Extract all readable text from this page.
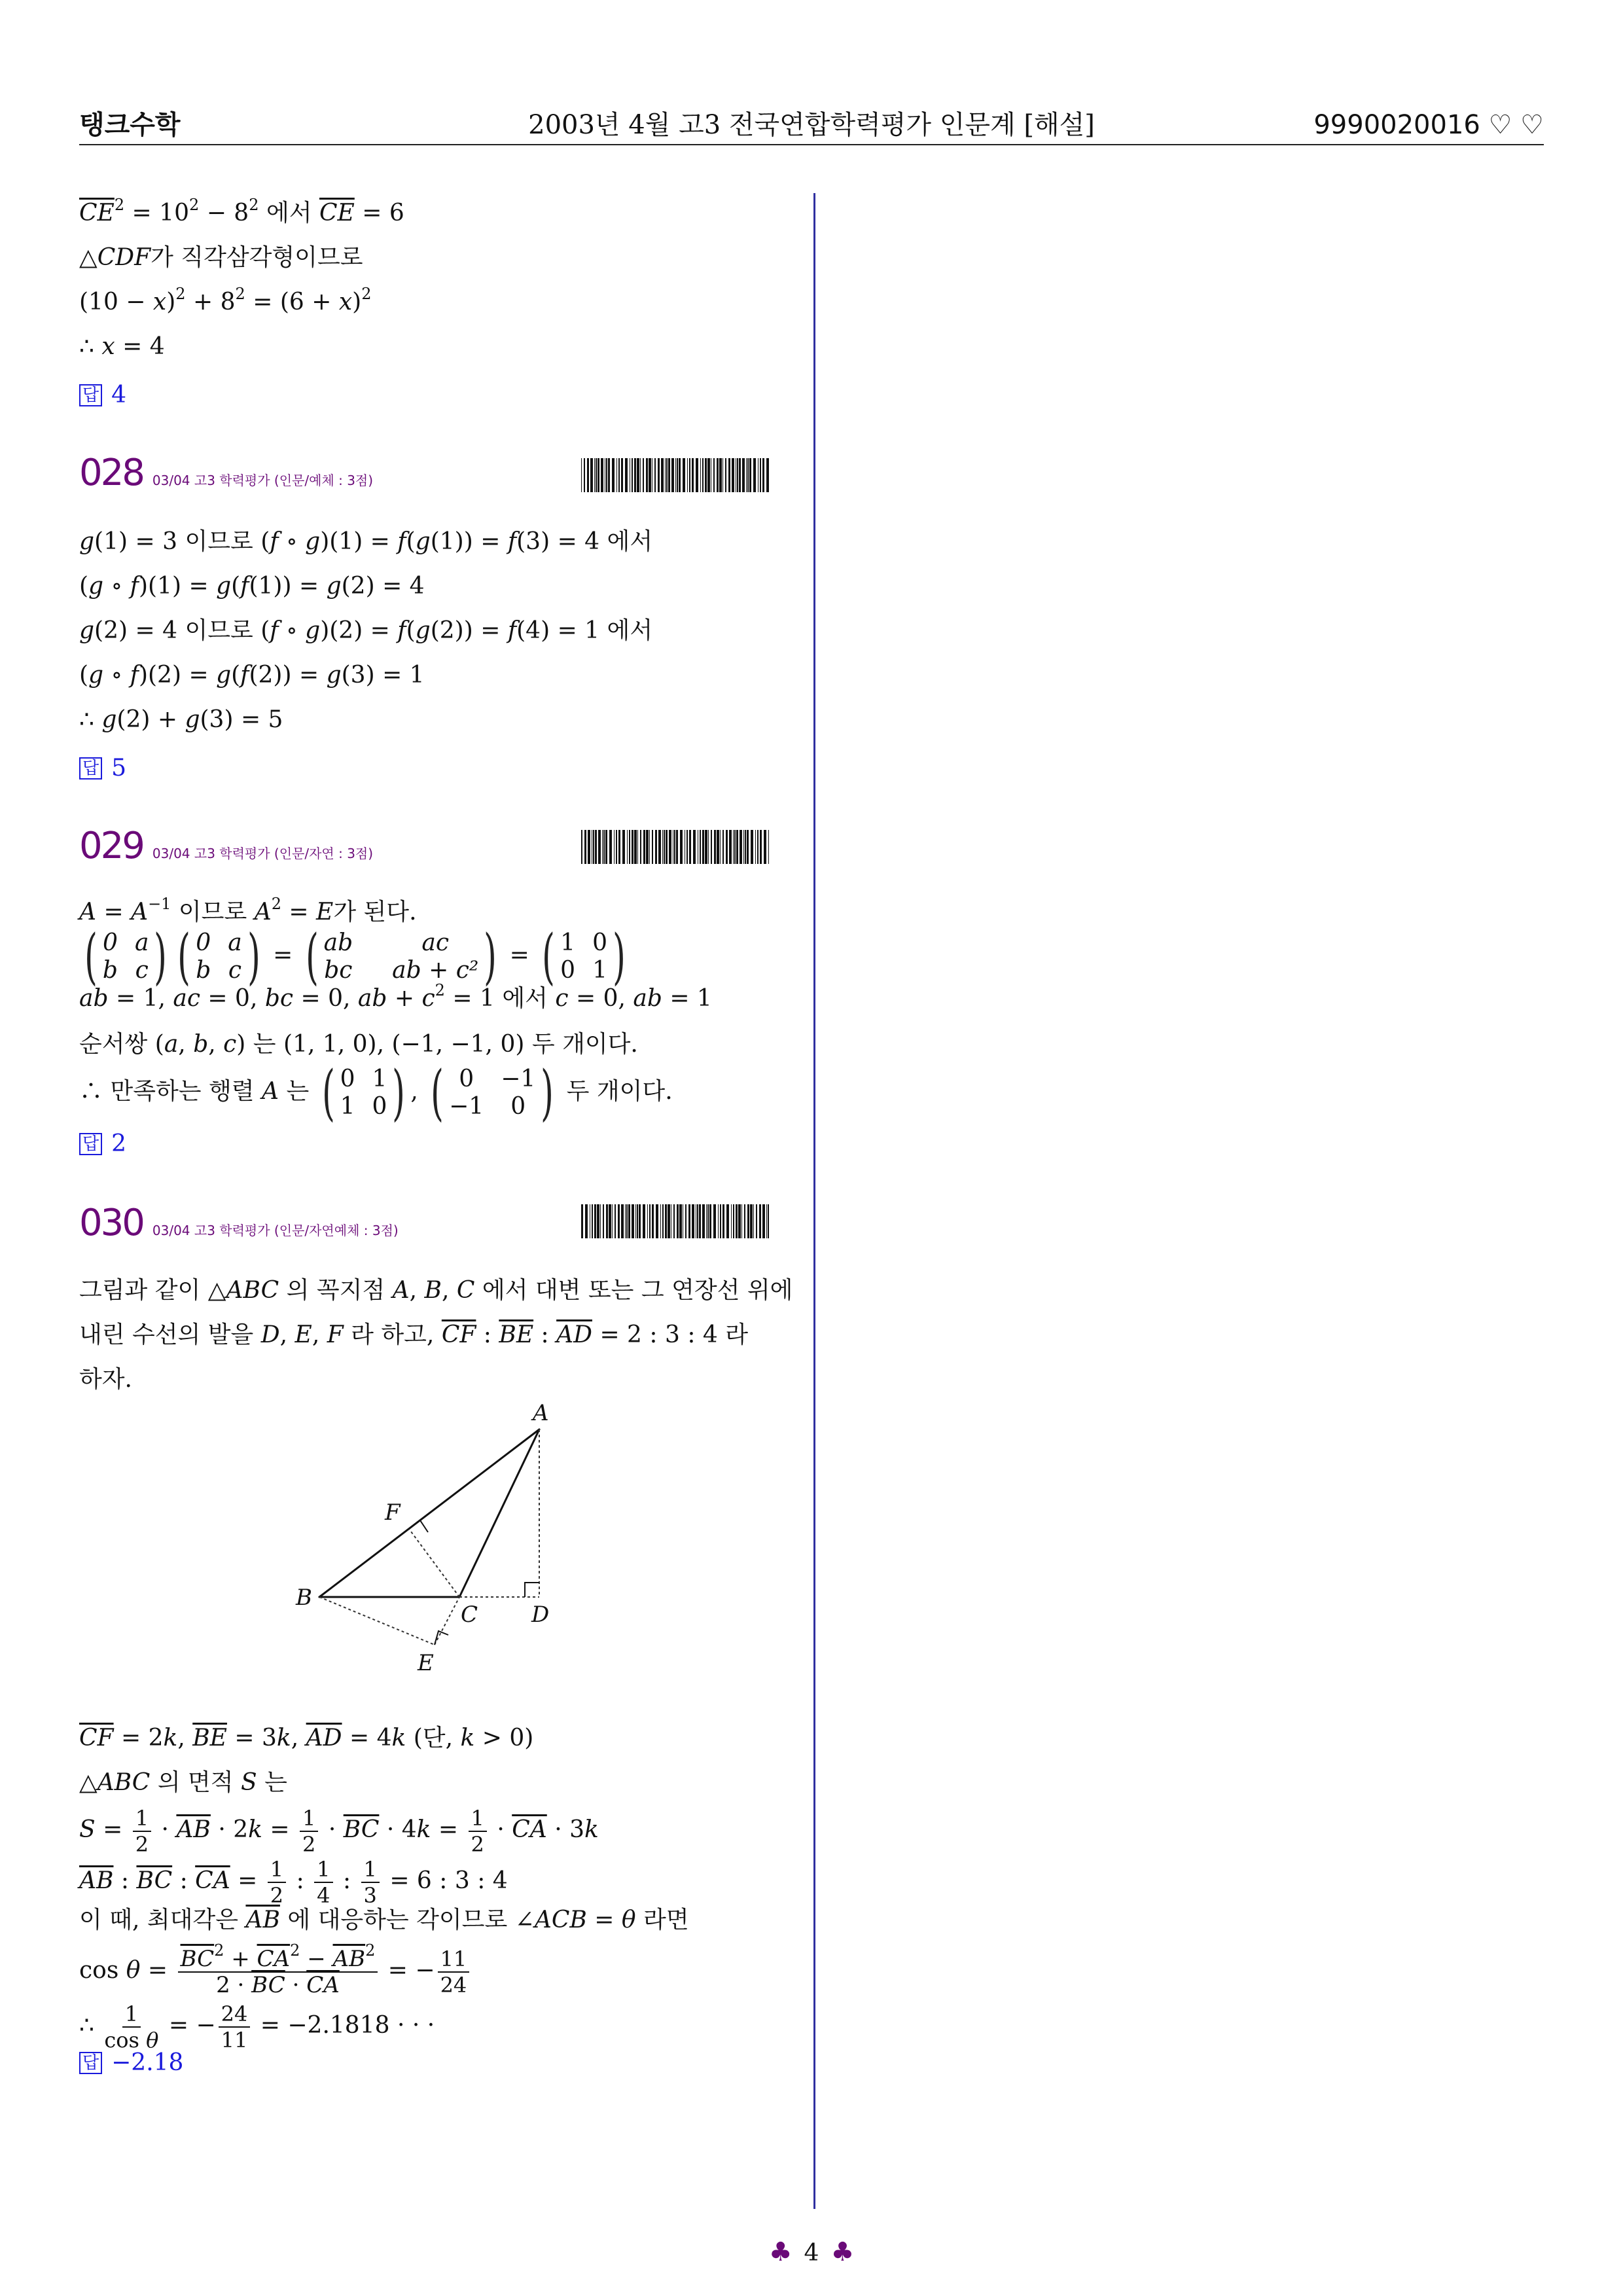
탱크수학	2003년 4월 고3 전국연합학력평가 인문계 [해설]	9990020016 ♡ ♡
$\overline{CE}^2 = 10^2 - 8^2$ 에서 $\overline{CE} = 6$
△CDF가 직각삼각형이므로
$(10 - x)^2 + 8^2 = (6 + x)^2$
∴ x = 4
답 4
028 03/04 고3 학력평가 (인문/예체 : 3점)
g(1) = 3 이므로 (f ∘ g)(1) = f(g(1)) = f(3) = 4 에서
(g ∘ f)(1) = g(f(1)) = g(2) = 4
g(2) = 4 이므로 (f ∘ g)(2) = f(g(2)) = f(4) = 1 에서
(g ∘ f)(2) = g(f(2)) = g(3) = 1
∴ g(2) + g(3) = 5
답 5
029 03/04 고3 학력평가 (인문/자연 : 3점)
$A = A^{-1}$ 이므로 $A^2 = E$가 된다.
( 0 a
b c ) ( 0 a
b c ) = ( ab	ac
bc ab + c² ) = ( 1 0
0 1 )
ab = 1, ac = 0, bc = 0, ab + $c^2 = 1$ 에서 c = 0, ab = 1
순서쌍 (a, b, c) 는 (1, 1, 0), (−1, −1, 0) 두 개이다.
∴ 만족하는 행렬 A 는 ( 0 1
1 0 ) , ( 0	−1
−1	0 ) 두 개이다.
답 2
030 03/04 고3 학력평가 (인문/자연예체 : 3점)
그림과 같이 △ABC 의 꼭지점 A, B, C 에서 대변 또는 그 연장선 위에
내린 수선의 발을 D, E, F 라 하고, $\overline{CF}$ : $\overline{BE}$ : $\overline{AD} = 2$ : 3 : 4 라
하자.
A
B
C D
E
F
$\overline{CF} = 2k$, $\overline{BE} = 3k$, $\overline{AD} = 4k$ (단, k > 0)
△ABC 의 면적 S 는
$S = \frac{1}{2} \cdot \overline{AB} \cdot 2k = \frac{1}{2} \cdot \overline{BC} \cdot 4k = \frac{1}{2} \cdot \overline{CA} \cdot 3k$
$\overline{AB}$ : $\overline{BC}$ : $\overline{CA} = \frac{1}{2}$ : $\frac{1}{4}$ : $\frac{1}{3} = 6$ : 3 : 4
이 때, 최대각은 $\overline{AB}$ 에 대응하는 각이므로 ∠ACB = θ 라면
$\cos \theta = \frac{\overline{BC}^2 + \overline{CA}^2 - \overline{AB}^2}{2 \cdot \overline{BC} \cdot \overline{CA}}$ = − $\frac{11}{24}$
∴ $\frac{1}{\text{cos θ}}$ = − $\frac{24}{11} = -2.1818$ · · ·
답 −2.18
♣ 4 ♣
